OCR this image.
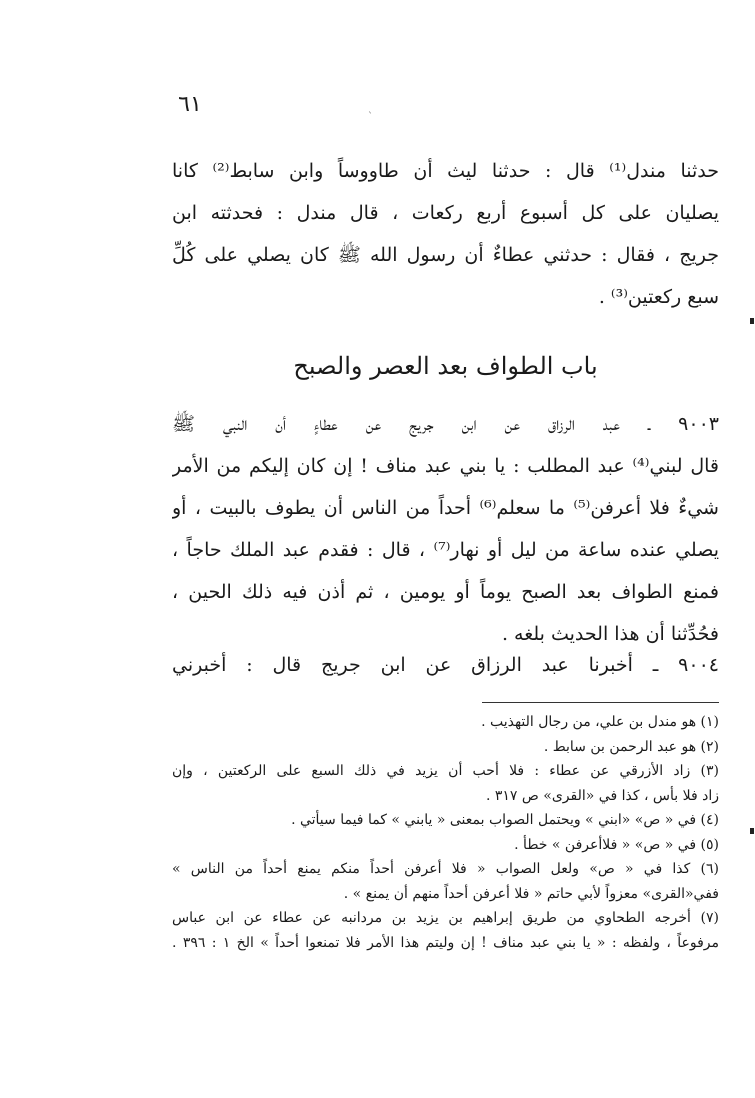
٦١
ˋ
حدثنا مندل⁽¹⁾ قال : حدثنا ليث أن طاووساً وابن سابط⁽²⁾ كانا
يصليان على كل أسبوع أربع ركعات ، قال مندل : فحدثته ابن
جريج ، فقال : حدثني عطاءٌ أن رسول الله ﷺ كان يصلي على كُلِّ
سبع ركعتين⁽³⁾ .
باب الطواف بعد العصر والصبح
٩٠٠٣ ـ عبد الرزاق عن ابن جريج عن عطاءٍ أن النبي ﷺ
قال لبني⁽⁴⁾ عبد المطلب : يا بني عبد مناف ! إن كان إليكم من الأمر
شيءٌ فلا أعرفن⁽⁵⁾ ما سعلم⁽⁶⁾ أحداً من الناس أن يطوف بالبيت ، أو
يصلي عنده ساعة من ليل أو نهار⁽⁷⁾ ، قال : فقدم عبد الملك حاجاً ،
فمنع الطواف بعد الصبح يوماً أو يومين ، ثم أذن فيه ذلك الحين ،
فحُدِّثنا أن هذا الحديث بلغه .
٩٠٠٤ ـ أخبرنا عبد الرزاق عن ابن جريج قال : أخبرني
(١) هو مندل بن علي، من رجال التهذيب .
(٢) هو عبد الرحمن بن سابط .
(٣) زاد الأزرقي عن عطاء : فلا أحب أن يزيد في ذلك السبع على الركعتين ، وإن
زاد فلا بأس ، كذا في «القرى» ص ٣١٧ .
(٤) في « ص» «ابني » ويحتمل الصواب بمعنى « يابني » كما فيما سيأتي .
(٥) في « ص» « فلاأعرفن » خطأ .
(٦) كذا في « ص» ولعل الصواب « فلا أعرفن أحداً منكم يمنع أحداً من الناس »
ففي«القرى» معزواً لأبي حاتم « فلا أعرفن أحداً منهم أن يمنع » .
(٧) أخرجه الطحاوي من طريق إبراهيم بن يزيد بن مردانبه عن عطاء عن ابن عباس
مرفوعاً ، ولفظه : « يا بني عبد مناف ! إن وليتم هذا الأمر فلا تمنعوا أحداً » الخ ١ : ٣٩٦ .
